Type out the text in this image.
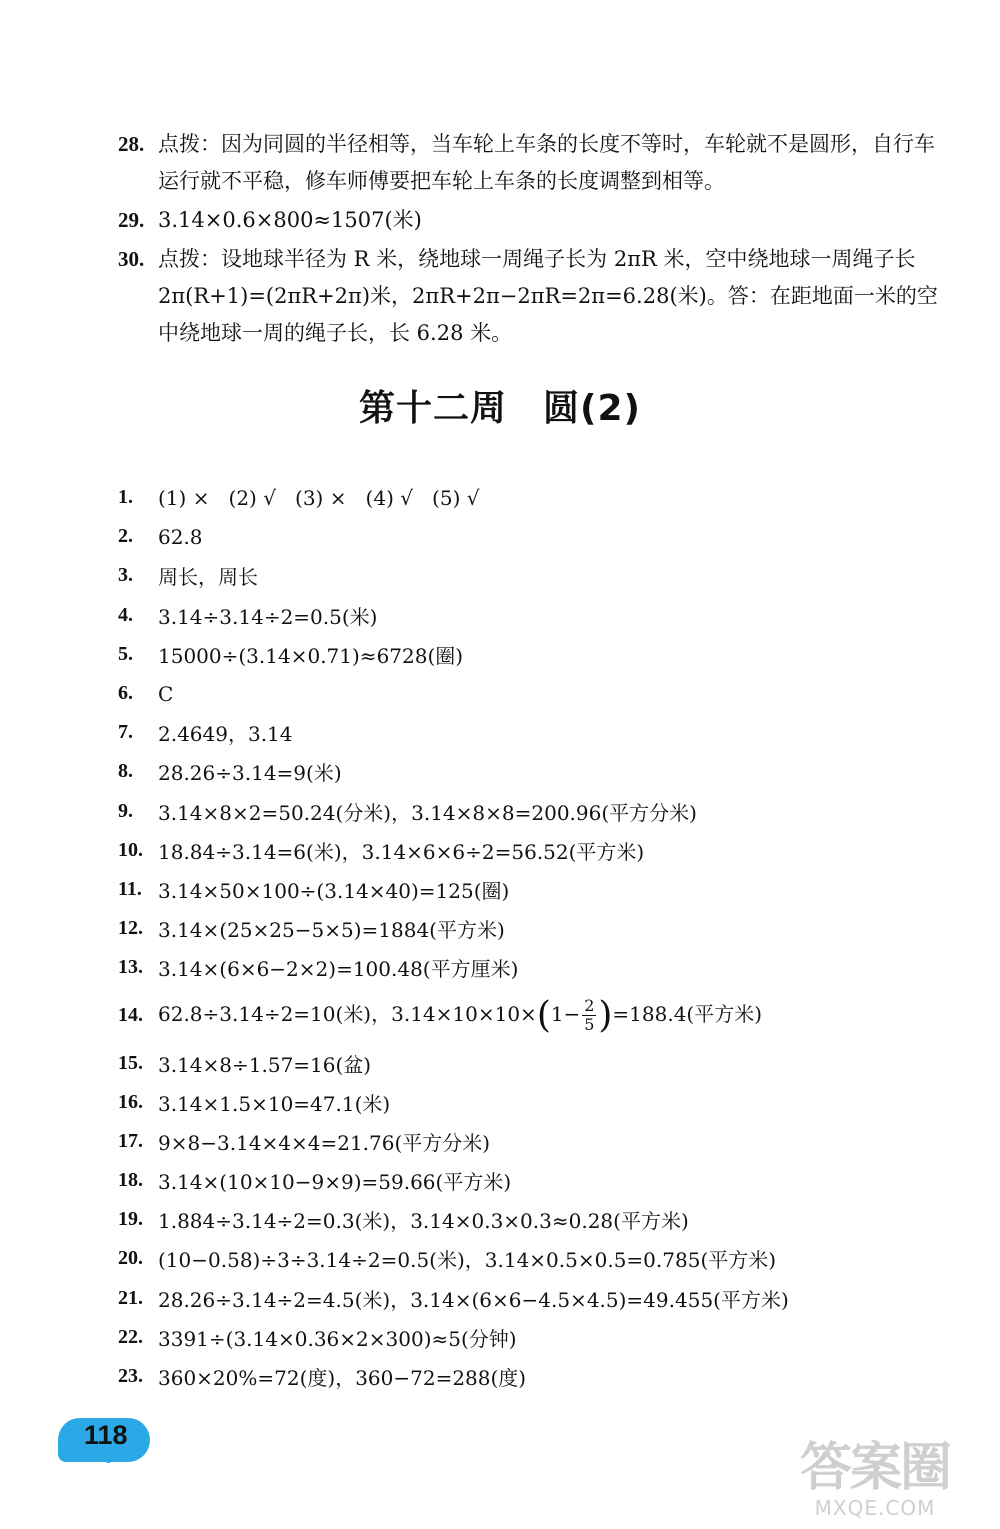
28. 点拨：因为同圆的半径相等，当车轮上车条的长度不等时，车轮就不是圆形，自行车运行就不平稳，修车师傅要把车轮上车条的长度调整到相等。
29. 3.14×0.6×800≈1507(米)
30. 点拨：设地球半径为 R 米，绕地球一周绳子长为 2πR 米，空中绕地球一周绳子长 2π(R+1)=(2πR+2π)米，2πR+2π−2πR=2π=6.28(米)。答：在距地面一米的空中绕地球一周的绳子长，长 6.28 米。
第十二周 圆(2)
1.	(1) ×   (2) √   (3) ×   (4) √   (5) √
2.	62.8
3.	周长，周长
4.	3.14÷3.14÷2=0.5(米)
5.	15000÷(3.14×0.71)≈6728(圈)
6.	C
7.	2.4649，3.14
8.	28.26÷3.14=9(米)
9.	3.14×8×2=50.24(分米)，3.14×8×8=200.96(平方分米)
10. 18.84÷3.14=6(米)，3.14×6×6÷2=56.52(平方米)
11. 3.14×50×100÷(3.14×40)=125(圈)
12. 3.14×(25×25−5×5)=1884(平方米)
13. 3.14×(6×6−2×2)=100.48(平方厘米)
14. 62.8÷3.14÷2=10(米)，$3.14\times 10\times 10\times(1- \frac{2}{5} )=188.4$(平方米)
15. 3.14×8÷1.57=16(盆)
16. 3.14×1.5×10=47.1(米)
17. 9×8−3.14×4×4=21.76(平方分米)
18. 3.14×(10×10−9×9)=59.66(平方米)
19. 1.884÷3.14÷2=0.3(米)，3.14×0.3×0.3≈0.28(平方米)
20. (10−0.58)÷3÷3.14÷2=0.5(米)，3.14×0.5×0.5=0.785(平方米)
21. 28.26÷3.14÷2=4.5(米)，3.14×(6×6−4.5×4.5)=49.455(平方米)
22. 3391÷(3.14×0.36×2×300)≈5(分钟)
23. 360×20%=72(度)，360−72=288(度)
118
答案圈
MXQE.COM
